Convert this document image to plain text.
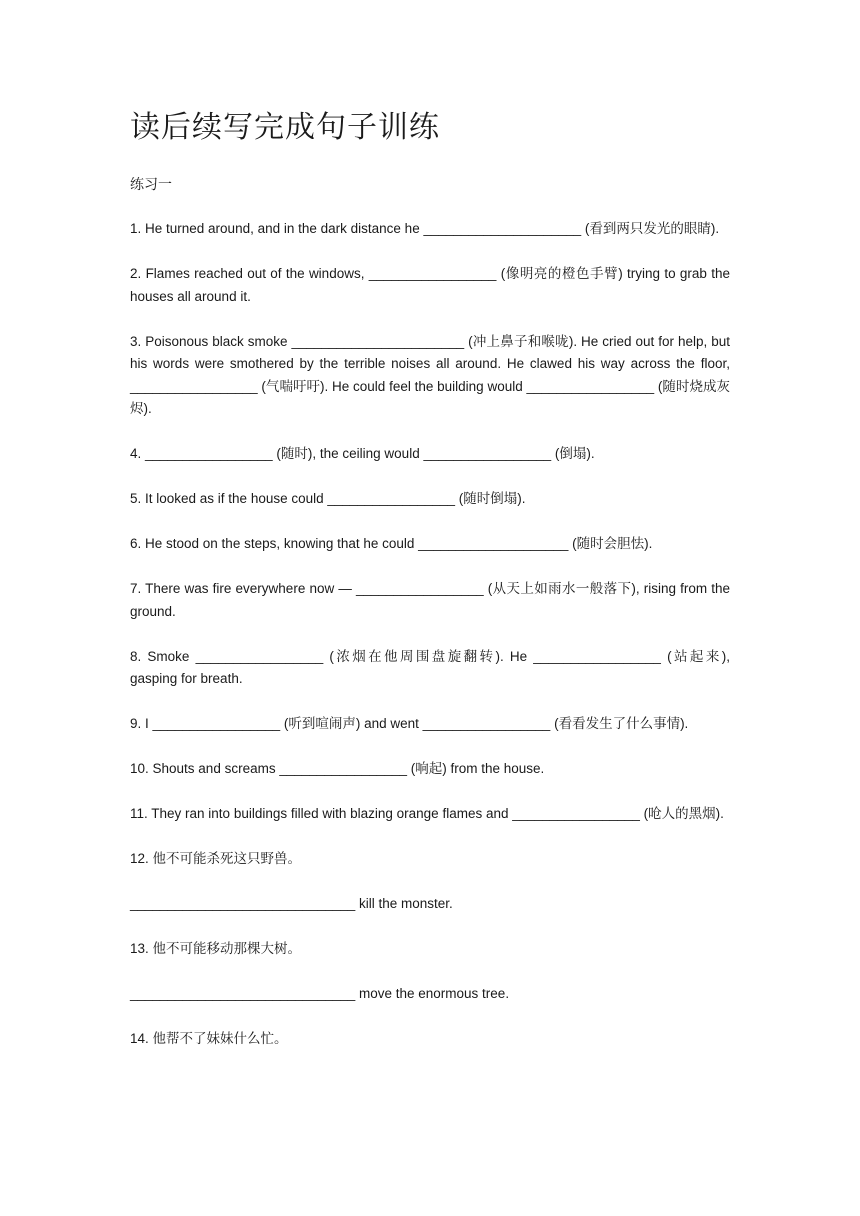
读后续写完成句子训练

练习一

1. He turned around, and in the dark distance he _____________________ (看到两只发光的眼睛).

2. Flames reached out of the windows, _________________ (像明亮的橙色手臂) trying to grab the houses all around it.

3. Poisonous black smoke _______________________ (冲上鼻子和喉咙). He cried out for help, but his words were smothered by the terrible noises all around. He clawed his way across the floor, _________________ (气喘吁吁). He could feel the building would _________________ (随时烧成灰烬).

4. _________________ (随时), the ceiling would _________________ (倒塌).

5. It looked as if the house could _________________ (随时倒塌).

6. He stood on the steps, knowing that he could ____________________ (随时会胆怯).

7. There was fire everywhere now — _________________ (从天上如雨水一般落下), rising from the ground.

8. Smoke _________________ (浓烟在他周围盘旋翻转). He _________________ (站起来), gasping for breath.

9. I _________________ (听到喧闹声) and went _________________ (看看发生了什么事情).

10. Shouts and screams _________________ (响起) from the house.

11. They ran into buildings filled with blazing orange flames and _________________ (呛人的黑烟).

12. 他不可能杀死这只野兽。

______________________________ kill the monster.

13. 他不可能移动那棵大树。

______________________________ move the enormous tree.

14. 他帮不了妹妹什么忙。
